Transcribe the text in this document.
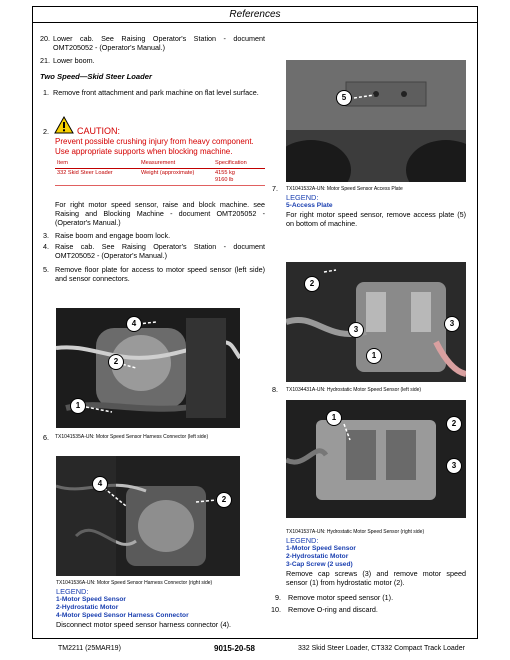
References
20. Lower cab. See Raising Operator's Station - document OMT205052 - (Operator's Manual.)
21. Lower boom.
Two Speed—Skid Steer Loader
1. Remove front attachment and park machine on flat level surface.
2.	CAUTION:
Prevent possible crushing injury from heavy component. Use appropriate supports when blocking machine.
Item	Measurement	Specification
332 Skid Steer Loader	Weight (approximate)	4155 kg
9160 lb
For right motor speed sensor, raise and block machine. see Raising and Blocking Machine - document OMT205052 - (Operator's Manual.)
3. Raise boom and engage boom lock.
4. Raise cab. See Raising Operator's Station - document OMT205052 - (Operator's Manual.)
5. Remove floor plate for access to motor speed sensor (left side) and sensor connectors.
4
2
1
6. TX1041535A-UN: Motor Speed Sensor Harness Connector (left side)
4
2
TX1041536A-UN: Motor Speed Sensor Harness Connector (right side)
LEGEND:
1-Motor Speed Sensor
2-Hydrostatic Motor
4-Motor Speed Sensor Harness Connector
Disconnect motor speed sensor harness connector (4).
5
7. TX1041532A-UN: Motor Speed Sensor Access Plate
LEGEND:
5-Access Plate
For right motor speed sensor, remove access plate (5) on bottom of machine.
2
3
3
1
8. TX1034431A-UN: Hydrostatic Motor Speed Sensor (left side)
1
2
3
TX1041537A-UN: Hydrostatic Motor Speed Sensor (right side)
LEGEND:
1-Motor Speed Sensor
2-Hydrostatic Motor
3-Cap Screw (2 used)
Remove cap screws (3) and remove motor speed sensor (1) from hydrostatic motor (2).
9. Remove motor speed sensor (1).
10. Remove O-ring and discard.
TM2211 (25MAR19)	9015-20-58	332 Skid Steer Loader, CT332 Compact Track Loader
